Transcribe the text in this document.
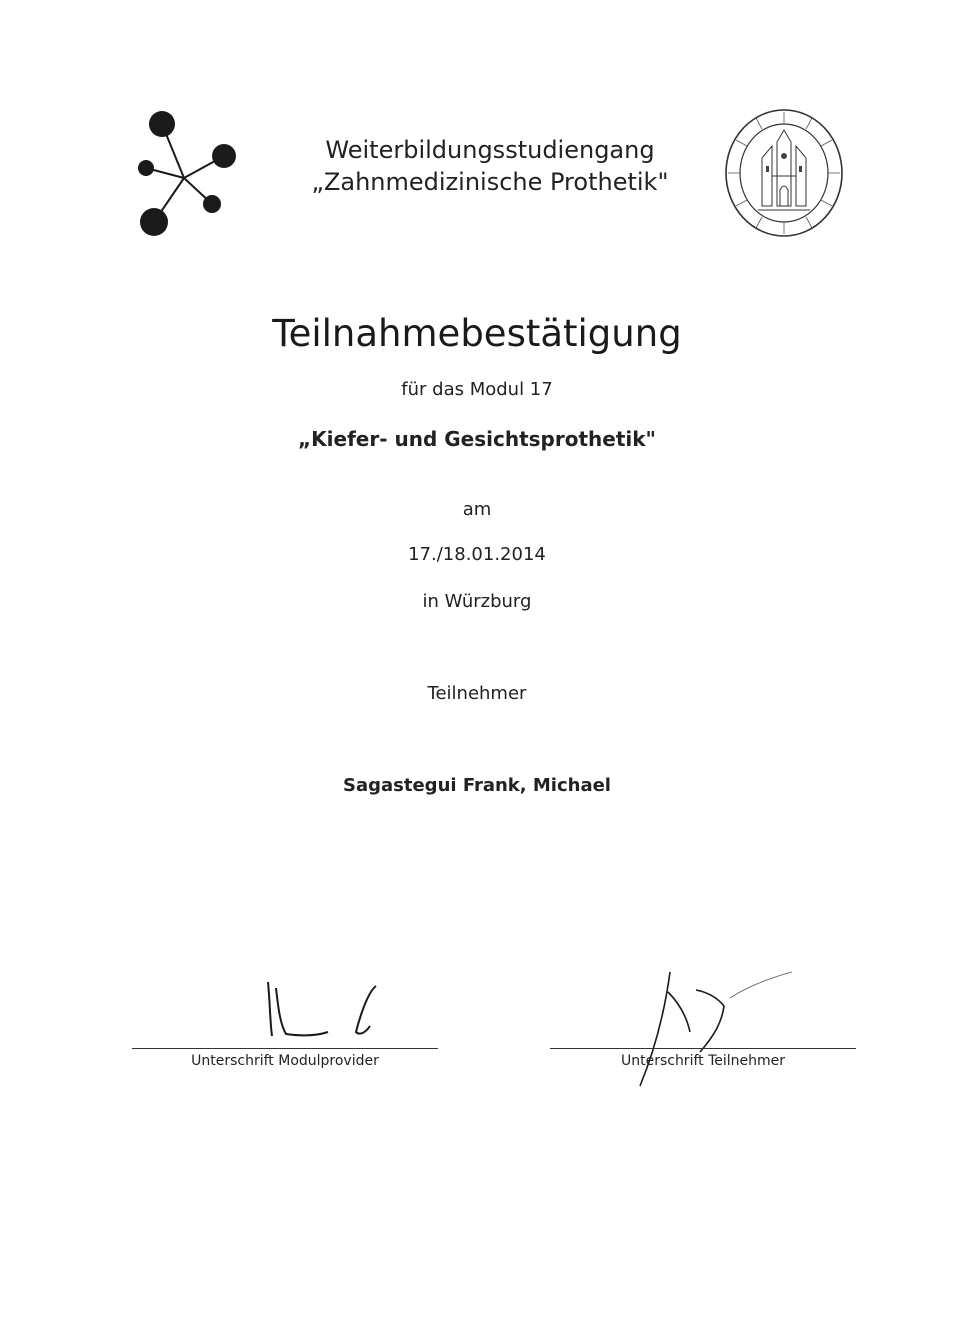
Weiterbildungsstudiengang
„Zahnmedizinische Prothetik"
Teilnahmebestätigung
für das Modul 17
„Kiefer- und Gesichtsprothetik"
am
17./18.01.2014
in Würzburg
Teilnehmer
Sagastegui Frank, Michael
Unterschrift Modulprovider	Unterschrift Teilnehmer
